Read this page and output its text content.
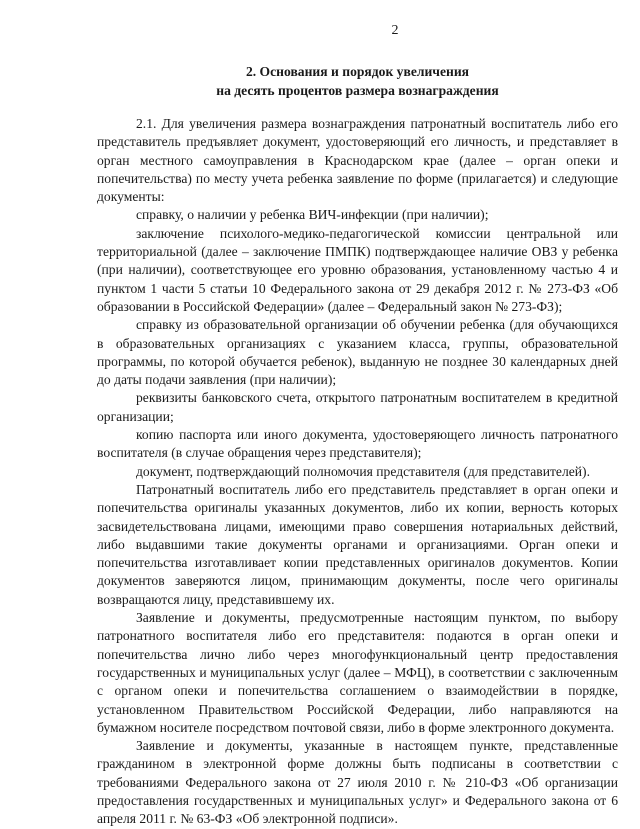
2
2. Основания и порядок увеличения
на десять процентов размера вознаграждения

2.1. Для увеличения размера вознаграждения патронатный воспитатель либо его представитель предъявляет документ, удостоверяющий его личность, и представляет в орган местного самоуправления в Краснодарском крае (далее – орган опеки и попечительства) по месту учета ребенка заявление по форме (прилагается) и следующие документы:

справку, о наличии у ребенка ВИЧ-инфекции (при наличии);

заключение психолого-медико-педагогической комиссии центральной или территориальной (далее – заключение ПМПК) подтверждающее наличие ОВЗ у ребенка (при наличии), соответствующее его уровню образования, установленному частью 4 и пунктом 1 части 5 статьи 10 Федерального закона от 29 декабря 2012 г. № 273-ФЗ «Об образовании в Российской Федерации» (далее – Федеральный закон № 273-ФЗ);

справку из образовательной организации об обучении ребенка (для обучающихся в образовательных организациях с указанием класса, группы, образовательной программы, по которой обучается ребенок), выданную не позднее 30 календарных дней до даты подачи заявления (при наличии);

реквизиты банковского счета, открытого патронатным воспитателем в кредитной организации;

копию паспорта или иного документа, удостоверяющего личность патронатного воспитателя (в случае обращения через представителя);

документ, подтверждающий полномочия представителя (для представителей).

Патронатный воспитатель либо его представитель представляет в орган опеки и попечительства оригиналы указанных документов, либо их копии, верность которых засвидетельствована лицами, имеющими право совершения нотариальных действий, либо выдавшими такие документы органами и организациями. Орган опеки и попечительства изготавливает копии представленных оригиналов документов. Копии документов заверяются лицом, принимающим документы, после чего оригиналы возвращаются лицу, представившему их.

Заявление и документы, предусмотренные настоящим пунктом, по выбору патронатного воспитателя либо его представителя: подаются в орган опеки и попечительства лично либо через многофункциональный центр предоставления государственных и муниципальных услуг (далее – МФЦ), в соответствии с заключенным с органом опеки и попечительства соглашением о взаимодействии в порядке, установленном Правительством Российской Федерации, либо направляются на бумажном носителе посредством почтовой связи, либо в форме электронного документа.

Заявление и документы, указанные в настоящем пункте, представленные гражданином в электронной форме должны быть подписаны в соответствии с требованиями Федерального закона от 27 июля 2010 г. № 210-ФЗ «Об организации предоставления государственных и муниципальных услуг» и Федерального закона от 6 апреля 2011 г. № 63-ФЗ «Об электронной подписи».
